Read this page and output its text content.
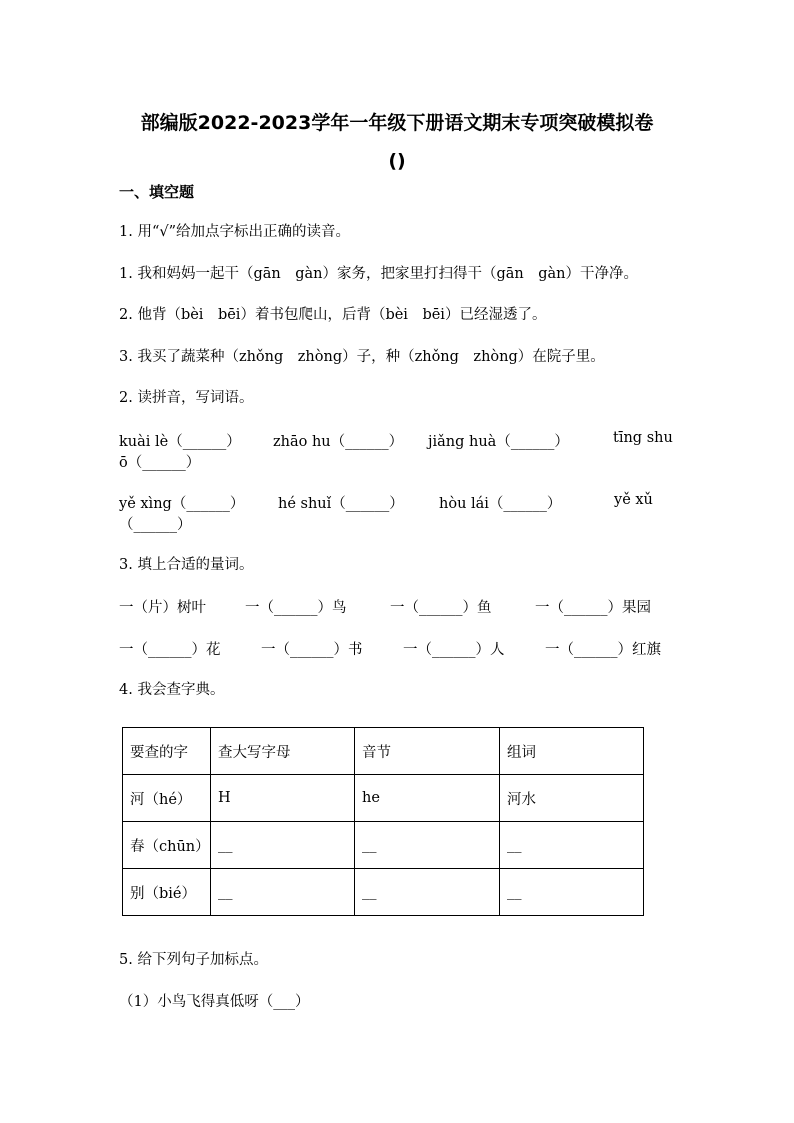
部编版2022-2023学年一年级下册语文期末专项突破模拟卷
()
一、填空题
1. 用“√”给加点字标出正确的读音。
1. 我和妈妈一起干（gān　gàn）家务，把家里打扫得干（gān　gàn）干净净。
2. 他背（bèi　bēi）着书包爬山，后背（bèi　bēi）已经湿透了。
3. 我买了蔬菜种（zhǒng　zhòng）子，种（zhǒng　zhòng）在院子里。
2. 读拼音，写词语。
kuài lè（______） zhāo hu（______） jiǎng huà（______）	tīng shu
ō（______）
yě xìng（______） hé shuǐ（______） hòu lái（______）	yě xǔ
（______）
3. 填上合适的量词。
一（片）树叶	一（______）鸟	一（______）鱼	一（______）果园
一（______）花	一（______）书	一（______）人	一（______）红旗
4. 我会查字典。
要查的字	查大写字母	音节	组词
河（hé）	H	he	河水
春（chūn）	__	__	__
别（bié）	__	__	__
5. 给下列句子加标点。
（1）小鸟飞得真低呀（___）
